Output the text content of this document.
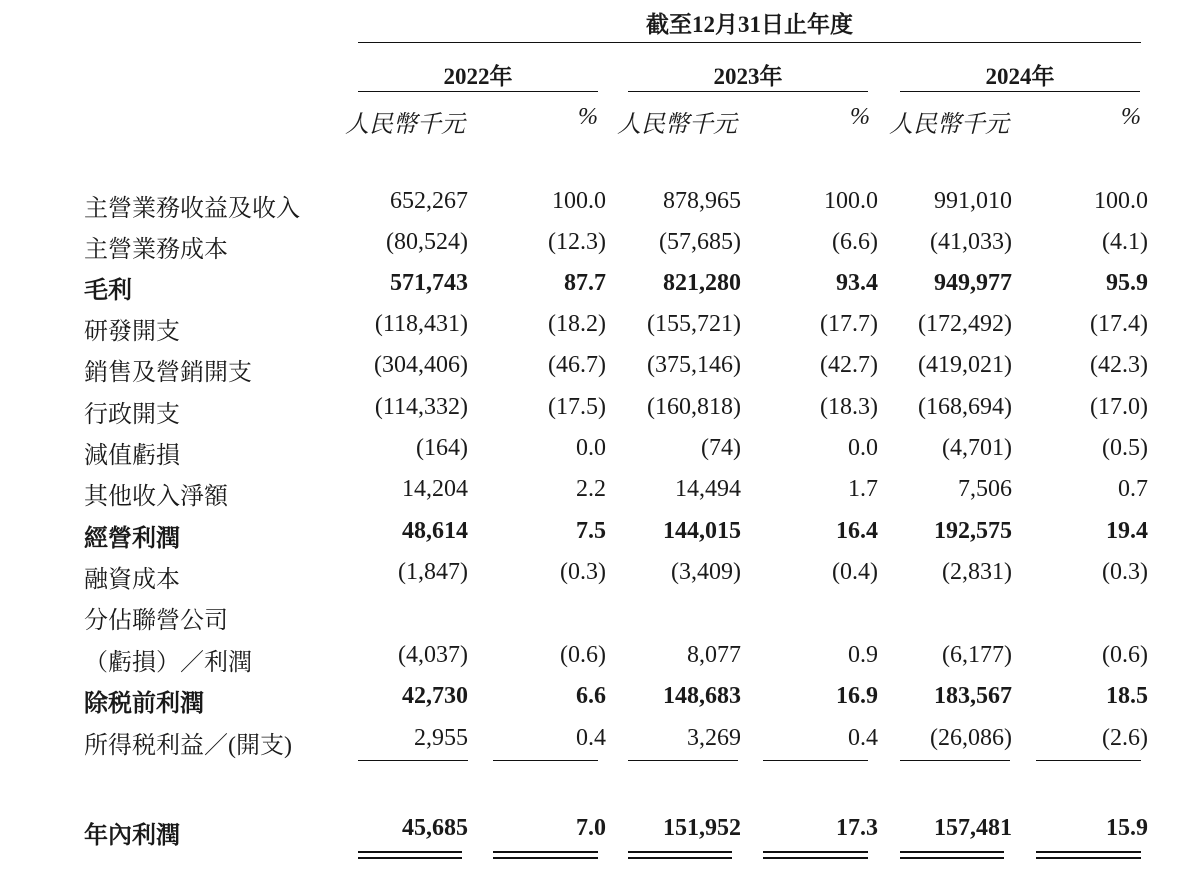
截至12月31日止年度
2022年	2023年	2024年
人民幣千元	% 人民幣千元	% 人民幣千元	%
主營業務收益及收入	652,267	100.0	878,965	100.0	991,010	100.0
主營業務成本	(80,524)	(12.3)	(57,685)	(6.6)	(41,033)	(4.1)
毛利	571,743	87.7	821,280	93.4	949,977	95.9
研發開支	(118,431)	(18.2)	(155,721)	(17.7)	(172,492)	(17.4)
銷售及營銷開支	(304,406)	(46.7)	(375,146)	(42.7)	(419,021)	(42.3)
行政開支	(114,332)	(17.5)	(160,818)	(18.3)	(168,694)	(17.0)
減值虧損	(164)	0.0	(74)	0.0	(4,701)	(0.5)
其他收入淨額	14,204	2.2	14,494	1.7	7,506	0.7
經營利潤	48,614	7.5	144,015	16.4	192,575	19.4
融資成本	(1,847)	(0.3)	(3,409)	(0.4)	(2,831)	(0.3)
分佔聯營公司
（虧損）／利潤	(4,037)	(0.6)	8,077	0.9	(6,177)	(0.6)
除税前利潤	42,730	6.6	148,683	16.9	183,567	18.5
所得税利益／(開支)	2,955	0.4	3,269	0.4	(26,086)	(2.6)
年內利潤	45,685	7.0	151,952	17.3	157,481	15.9
